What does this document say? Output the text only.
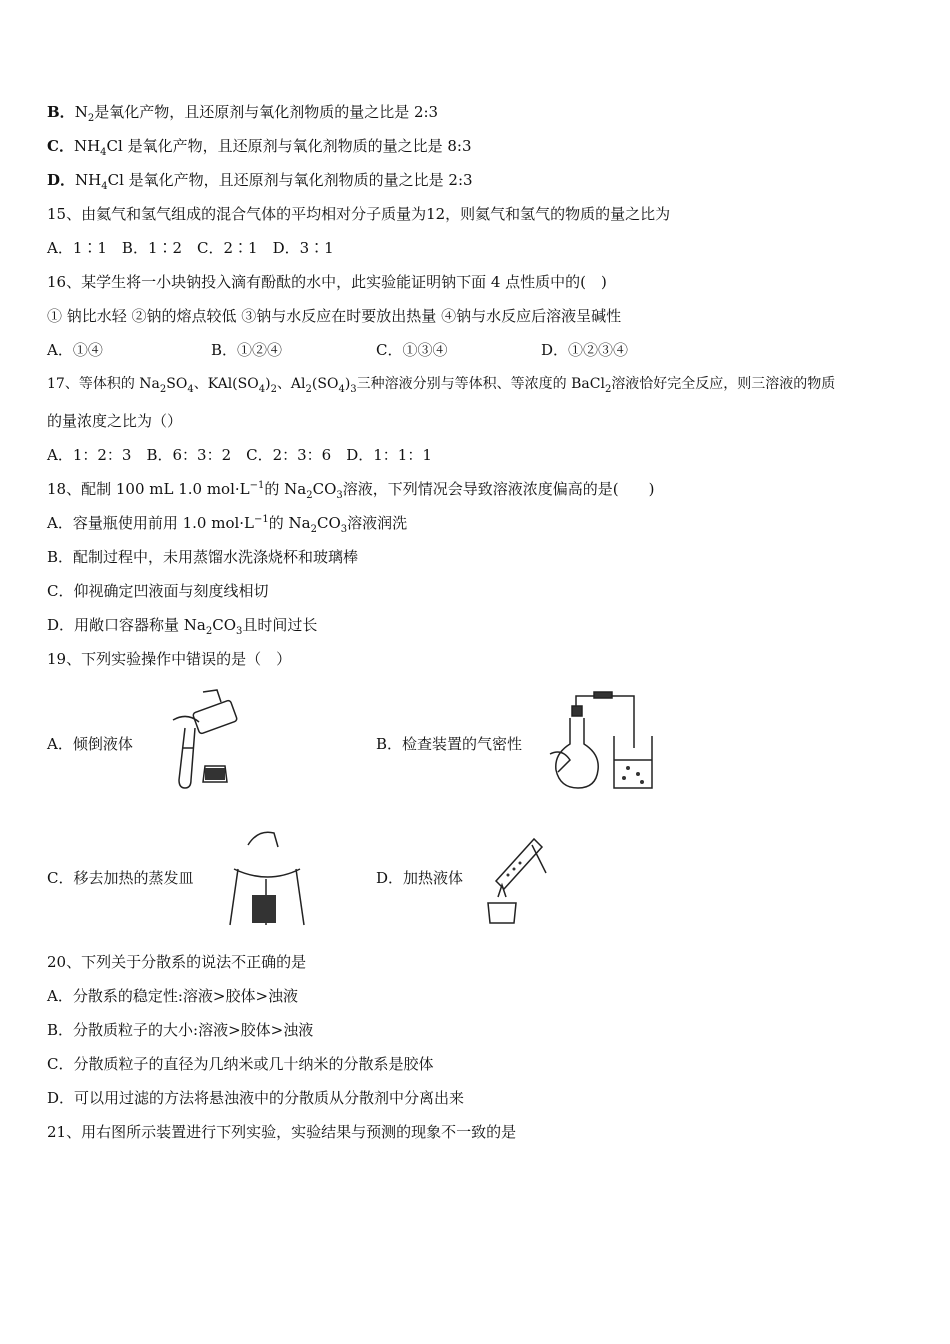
B．$N_2$是氧化产物，且还原剂与氧化剂物质的量之比是 2:3
C．$NH_4Cl$ 是氧化产物，且还原剂与氧化剂物质的量之比是 8:3
D．$NH_4Cl$ 是氧化产物，且还原剂与氧化剂物质的量之比是 2:3
15、由氦气和氢气组成的混合气体的平均相对分子质量为12，则氦气和氢气的物质的量之比为
A．1∶1　B．1∶2　C．2∶1　D．3∶1
16、某学生将一小块钠投入滴有酚酞的水中，此实验能证明钠下面 4 点性质中的(　)
① 钠比水轻 ②钠的熔点较低 ③钠与水反应在时要放出热量 ④钠与水反应后溶液呈碱性
A．①④	B．①②④	C．①③④	D．①②③④
17、等体积的 $Na_2SO_4$、$KAl(SO_4)_2$、$Al_2(SO_4)_3$三种溶液分别与等体积、等浓度的 BaCl$_2$溶液恰好完全反应，则三溶液的物质
的量浓度之比为（）
A．1：2：3　B．6：3：2　C．2：3：6　D．1：1：1
18、配制 100 mL 1.0 $mol\cdot L^{-1}$的 $Na_2CO_3$溶液，下列情况会导致溶液浓度偏高的是(　　)
A．容量瓶使用前用 1.0 $mol\cdot L^{-1}$的 $Na_2CO_3$溶液润洗
B．配制过程中，未用蒸馏水洗涤烧杯和玻璃棒
C．仰视确定凹液面与刻度线相切
D．用敞口容器称量 $Na_2CO_3$且时间过长
19、下列实验操作中错误的是（　）
A．倾倒液体	B．检查装置的气密性
C．移去加热的蒸发皿	D．加热液体
20、下列关于分散系的说法不正确的是
A．分散系的稳定性:溶液>胶体>浊液
B．分散质粒子的大小:溶液>胶体>浊液
C．分散质粒子的直径为几纳米或几十纳米的分散系是胶体
D．可以用过滤的方法将悬浊液中的分散质从分散剂中分离出来
21、用右图所示装置进行下列实验，实验结果与预测的现象不一致的是
